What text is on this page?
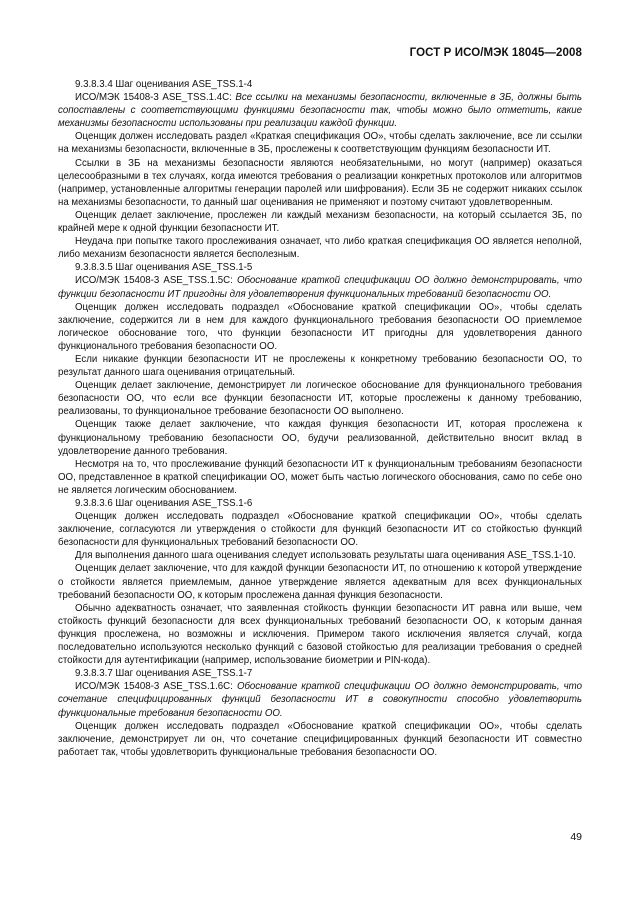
ГОСТ Р ИСО/МЭК 18045—2008

9.3.8.3.4 Шаг оценивания ASE_TSS.1-4

ИСО/МЭК 15408-3 ASE_TSS.1.4C: Все ссылки на механизмы безопасности, включенные в ЗБ, должны быть сопоставлены с соответствующими функциями безопасности так, чтобы можно было отметить, какие механизмы безопасности использованы при реализации каждой функции.

Оценщик должен исследовать раздел «Краткая спецификация ОО», чтобы сделать заключение, все ли ссылки на механизмы безопасности, включенные в ЗБ, прослежены к соответствующим функциям безопасности ИТ.

Ссылки в ЗБ на механизмы безопасности являются необязательными, но могут (например) оказаться целесообразными в тех случаях, когда имеются требования о реализации конкретных протоколов или алгоритмов (например, установленные алгоритмы генерации паролей или шифрования). Если ЗБ не содержит никаких ссылок на механизмы безопасности, то данный шаг оценивания не применяют и поэтому считают удовлетворенным.

Оценщик делает заключение, прослежен ли каждый механизм безопасности, на который ссылается ЗБ, по крайней мере к одной функции безопасности ИТ.

Неудача при попытке такого прослеживания означает, что либо краткая спецификация ОО является неполной, либо механизм безопасности является бесполезным.

9.3.8.3.5 Шаг оценивания ASE_TSS.1-5

ИСО/МЭК 15408-3 ASE_TSS.1.5C: Обоснование краткой спецификации ОО должно демонстрировать, что функции безопасности ИТ пригодны для удовлетворения функциональных требований безопасности ОО.

Оценщик должен исследовать подраздел «Обоснование краткой спецификации ОО», чтобы сделать заключение, содержится ли в нем для каждого функционального требования безопасности ОО приемлемое логическое обоснование того, что функции безопасности ИТ пригодны для удовлетворения данного функционального требования безопасности ОО.

Если никакие функции безопасности ИТ не прослежены к конкретному требованию безопасности ОО, то результат данного шага оценивания отрицательный.

Оценщик делает заключение, демонстрирует ли логическое обоснование для функционального требования безопасности ОО, что если все функции безопасности ИТ, которые прослежены к данному требованию, реализованы, то функциональное требование безопасности ОО выполнено.

Оценщик также делает заключение, что каждая функция безопасности ИТ, которая прослежена к функциональному требованию безопасности ОО, будучи реализованной, действительно вносит вклад в удовлетворение данного требования.

Несмотря на то, что прослеживание функций безопасности ИТ к функциональным требованиям безопасности ОО, представленное в краткой спецификации ОО, может быть частью логического обоснования, само по себе оно не является логическим обоснованием.

9.3.8.3.6 Шаг оценивания ASE_TSS.1-6

Оценщик должен исследовать подраздел «Обоснование краткой спецификации ОО», чтобы сделать заключение, согласуются ли утверждения о стойкости для функций безопасности ИТ со стойкостью функций безопасности для функциональных требований безопасности ОО.

Для выполнения данного шага оценивания следует использовать результаты шага оценивания ASE_TSS.1-10.

Оценщик делает заключение, что для каждой функции безопасности ИТ, по отношению к которой утверждение о стойкости является приемлемым, данное утверждение является адекватным для всех функциональных требований безопасности ОО, к которым прослежена данная функция безопасности.

Обычно адекватность означает, что заявленная стойкость функции безопасности ИТ равна или выше, чем стойкость функций безопасности для всех функциональных требований безопасности ОО, к которым данная функция прослежена, но возможны и исключения. Примером такого исключения является случай, когда последовательно используются несколько функций с базовой стойкостью для реализации требования о средней стойкости для аутентификации (например, использование биометрии и PIN-кода).

9.3.8.3.7 Шаг оценивания ASE_TSS.1-7

ИСО/МЭК 15408-3 ASE_TSS.1.6C: Обоснование краткой спецификации ОО должно демонстрировать, что сочетание специфицированных функций безопасности ИТ в совокупности способно удовлетворить функциональные требования безопасности ОО.

Оценщик должен исследовать подраздел «Обоснование краткой спецификации ОО», чтобы сделать заключение, демонстрирует ли он, что сочетание специфицированных функций безопасности ИТ совместно работает так, чтобы удовлетворить функциональные требования безопасности ОО.

49
